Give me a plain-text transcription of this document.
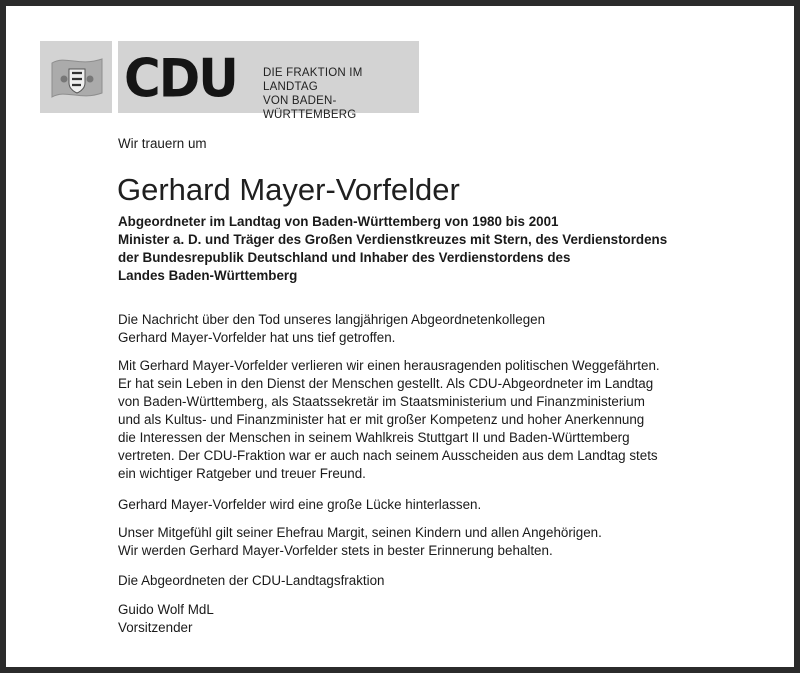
CDU DIE FRAKTION IM LANDTAG
VON BADEN-WÜRTTEMBERG
Wir trauern um
Gerhard Mayer-Vorfelder
Abgeordneter im Landtag von Baden-Württemberg von 1980 bis 2001
Minister a. D. und Träger des Großen Verdienstkreuzes mit Stern, des Verdienstordens
der Bundesrepublik Deutschland und Inhaber des Verdienstordens des
Landes Baden-Württemberg
Die Nachricht über den Tod unseres langjährigen Abgeordnetenkollegen
Gerhard Mayer-Vorfelder hat uns tief getroffen.
Mit Gerhard Mayer-Vorfelder verlieren wir einen herausragenden politischen Weggefährten.
Er hat sein Leben in den Dienst der Menschen gestellt. Als CDU-Abgeordneter im Landtag
von Baden-Württemberg, als Staatssekretär im Staatsministerium und Finanzministerium
und als Kultus- und Finanzminister hat er mit großer Kompetenz und hoher Anerkennung
die Interessen der Menschen in seinem Wahlkreis Stuttgart II und Baden-Württemberg
vertreten. Der CDU-Fraktion war er auch nach seinem Ausscheiden aus dem Landtag stets
ein wichtiger Ratgeber und treuer Freund.
Gerhard Mayer-Vorfelder wird eine große Lücke hinterlassen.
Unser Mitgefühl gilt seiner Ehefrau Margit, seinen Kindern und allen Angehörigen.
Wir werden Gerhard Mayer-Vorfelder stets in bester Erinnerung behalten.
Die Abgeordneten der CDU-Landtagsfraktion
Guido Wolf MdL
Vorsitzender
